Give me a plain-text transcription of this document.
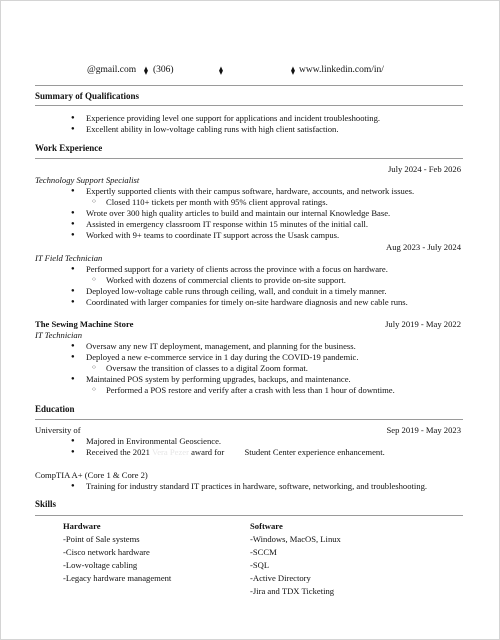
@gmail.com ⧫ (306)	⧫	⧫ www.linkedin.com/in/
Summary of Qualifications
● Experience providing level one support for applications and incident troubleshooting.
● Excellent ability in low-voltage cabling runs with high client satisfaction.
Work Experience
July 2024 - Feb 2026
Technology Support Specialist
● Expertly supported clients with their campus software, hardware, accounts, and network issues.
○ Closed 110+ tickets per month with 95% client approval ratings.
● Wrote over 300 high quality articles to build and maintain our internal Knowledge Base.
● Assisted in emergency classroom IT response within 15 minutes of the initial call.
● Worked with 9+ teams to coordinate IT support across the Usask campus.
Aug 2023 - July 2024
IT Field Technician
● Performed support for a variety of clients across the province with a focus on hardware.
○ Worked with dozens of commercial clients to provide on-site support.
● Deployed low-voltage cable runs through ceiling, wall, and conduit in a timely manner.
● Coordinated with larger companies for timely on-site hardware diagnosis and new cable runs.
The Sewing Machine Store	July 2019 - May 2022
IT Technician
● Oversaw any new IT deployment, management, and planning for the business.
● Deployed a new e-commerce service in 1 day during the COVID-19 pandemic.
○ Oversaw the transition of classes to a digital Zoom format.
● Maintained POS system by performing upgrades, backups, and maintenance.
○ Performed a POS restore and verify after a crash with less than 1 hour of downtime.
Education
University of	Sep 2019 - May 2023
● Majored in Environmental Geoscience.
● Received the 2021 Vera Pezer award for Student Center experience enhancement.
CompTIA A+ (Core 1 & Core 2)
● Training for industry standard IT practices in hardware, software, networking, and troubleshooting.
Skills
Hardware
-Point of Sale systems
-Cisco network hardware
-Low-voltage cabling
-Legacy hardware management
Software
-Windows, MacOS, Linux
-SCCM
-SQL
-Active Directory
-Jira and TDX Ticketing
